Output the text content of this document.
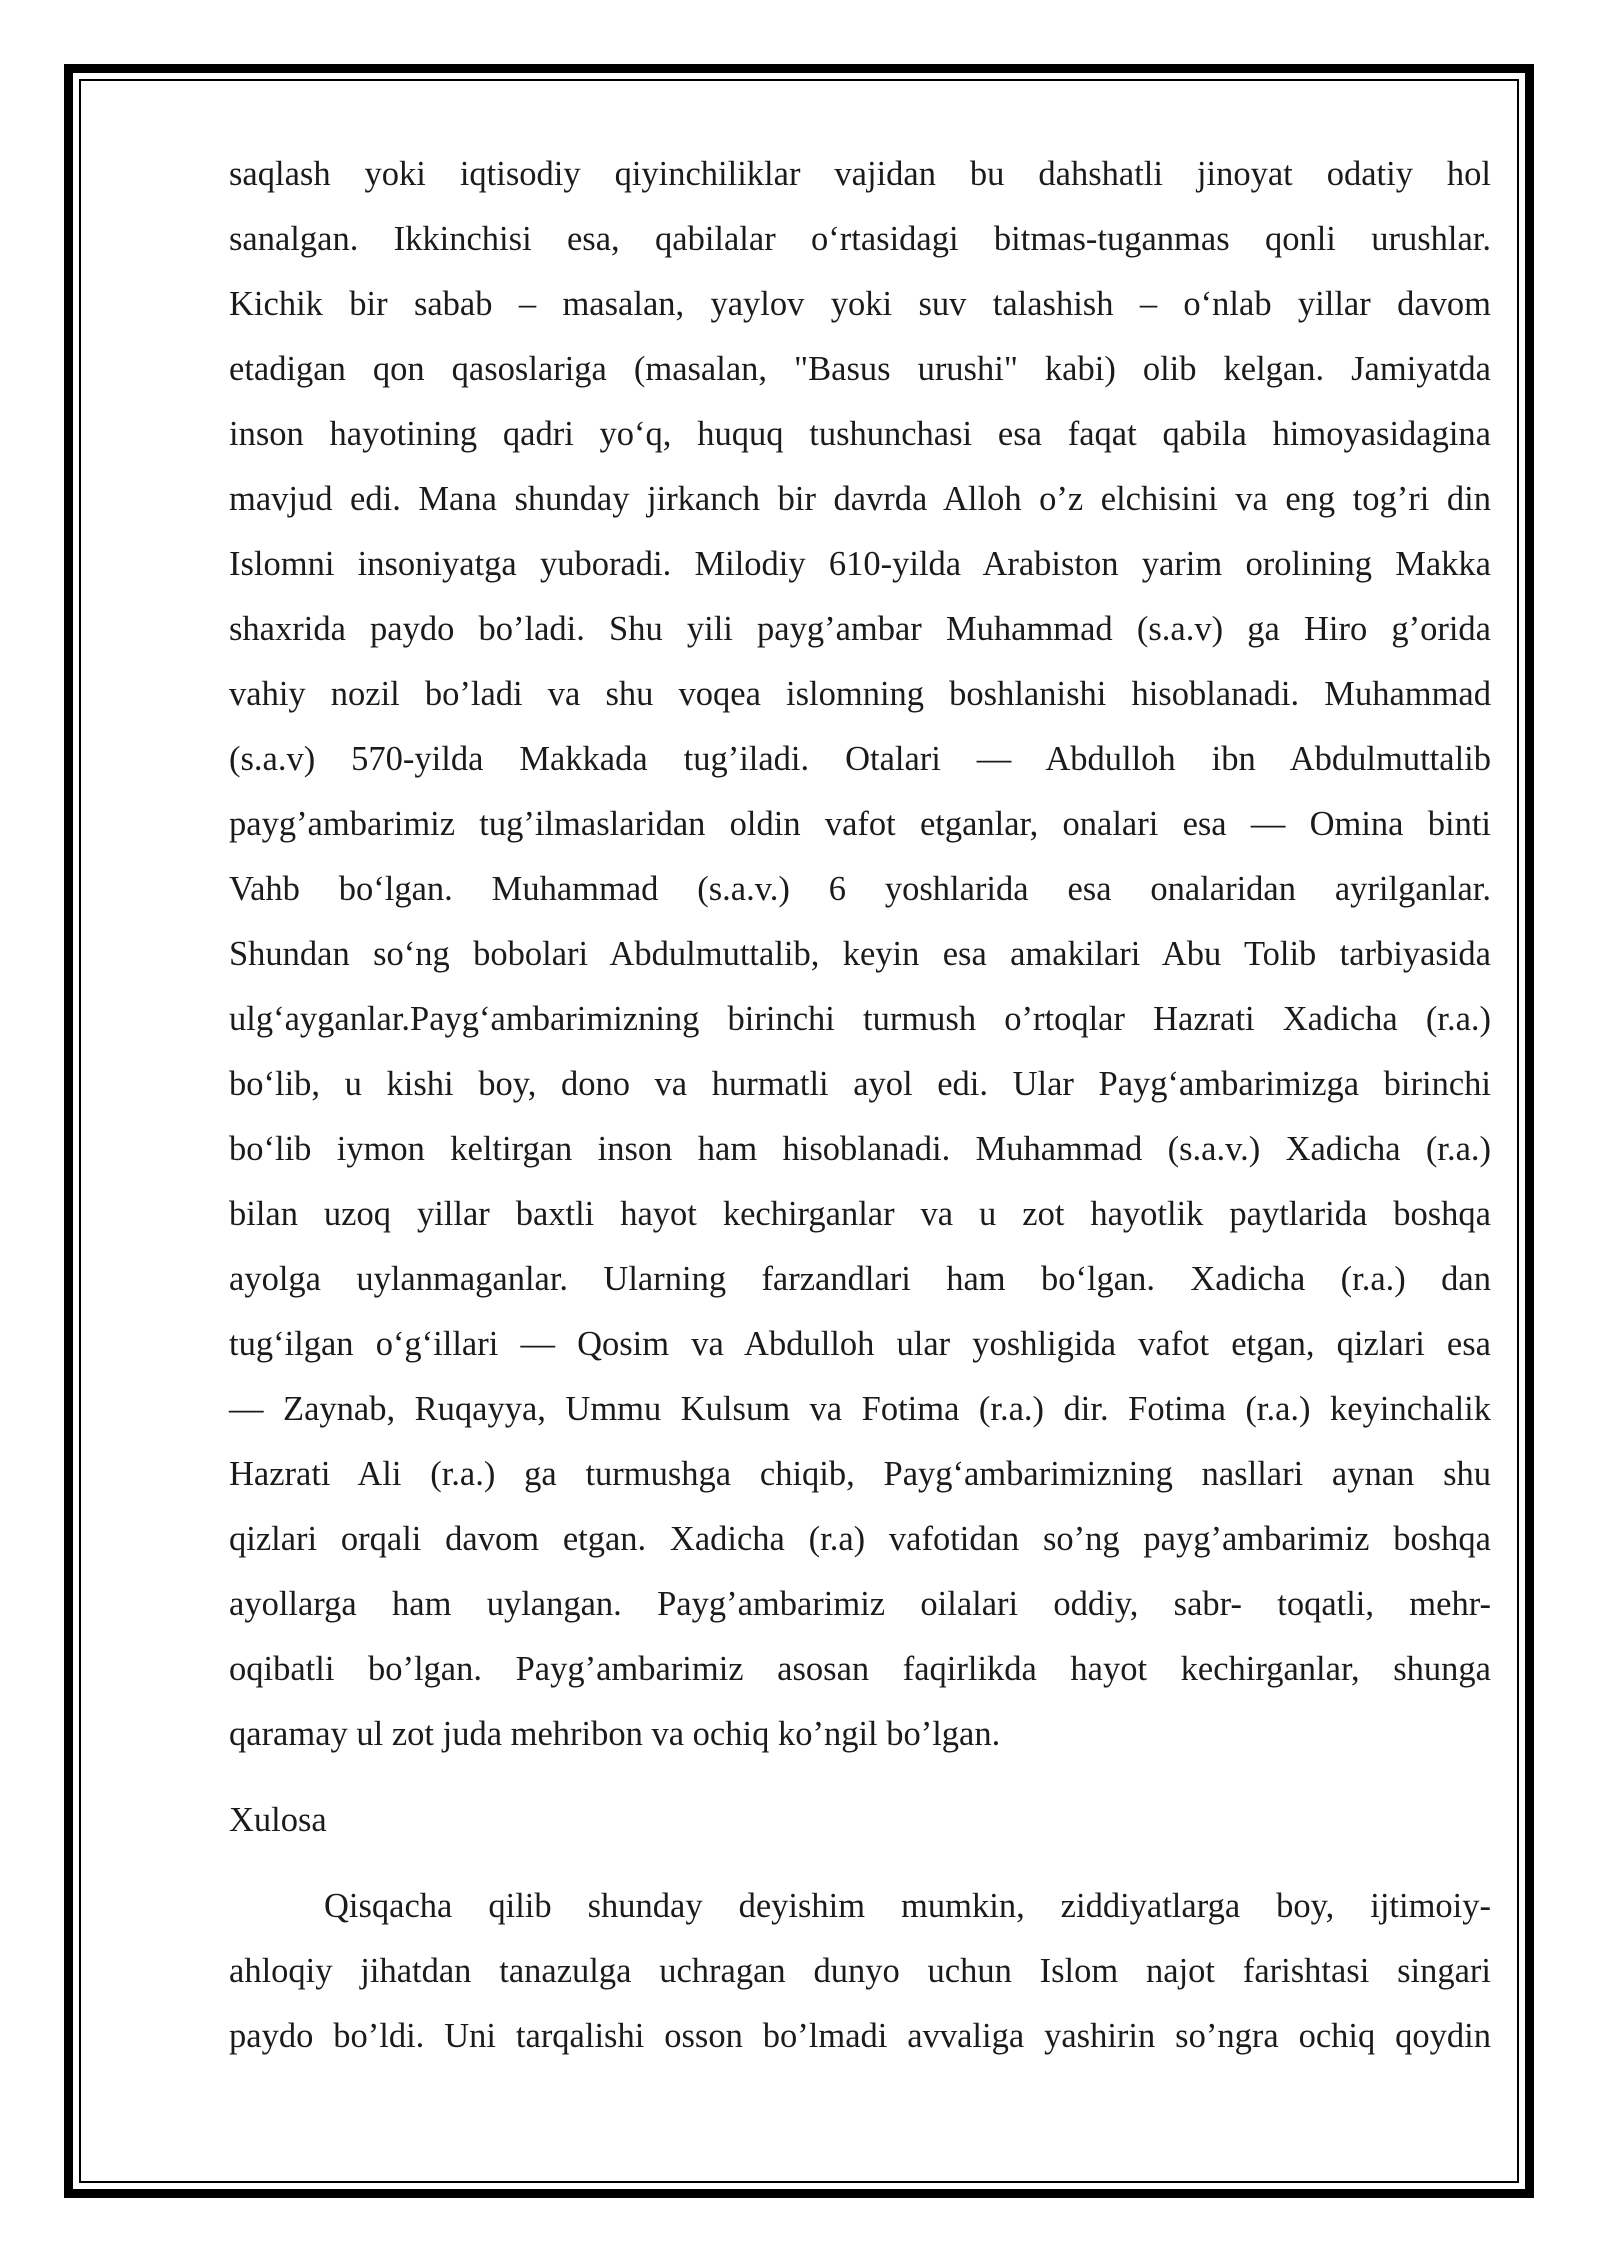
saqlash yoki iqtisodiy qiyinchiliklar vajidan bu dahshatli jinoyat odatiy hol
sanalgan. Ikkinchisi esa, qabilalar o‘rtasidagi bitmas-tuganmas qonli urushlar.
Kichik bir sabab – masalan, yaylov yoki suv talashish – o‘nlab yillar davom
etadigan qon qasoslariga (masalan, "Basus urushi" kabi) olib kelgan. Jamiyatda
inson hayotining qadri yo‘q, huquq tushunchasi esa faqat qabila himoyasidagina
mavjud edi. Mana shunday jirkanch bir davrda Alloh o’z elchisini va eng tog’ri din
Islomni insoniyatga yuboradi. Milodiy 610-yilda Arabiston yarim orolining Makka
shaxrida paydo bo’ladi. Shu yili payg’ambar Muhammad (s.a.v) ga Hiro g’orida
vahiy nozil bo’ladi va shu voqea islomning boshlanishi hisoblanadi. Muhammad
(s.a.v) 570-yilda Makkada tug’iladi. Otalari — Abdulloh ibn Abdulmuttalib
payg’ambarimiz tug’ilmaslaridan oldin vafot etganlar, onalari esa — Omina binti
Vahb bo‘lgan. Muhammad (s.a.v.) 6 yoshlarida esa onalaridan ayrilganlar.
Shundan so‘ng bobolari Abdulmuttalib, keyin esa amakilari Abu Tolib tarbiyasida
ulg‘ayganlar.Payg‘ambarimizning birinchi turmush o’rtoqlar Hazrati Xadicha (r.a.)
bo‘lib, u kishi boy, dono va hurmatli ayol edi. Ular Payg‘ambarimizga birinchi
bo‘lib iymon keltirgan inson ham hisoblanadi. Muhammad (s.a.v.) Xadicha (r.a.)
bilan uzoq yillar baxtli hayot kechirganlar va u zot hayotlik paytlarida boshqa
ayolga uylanmaganlar. Ularning farzandlari ham bo‘lgan. Xadicha (r.a.) dan
tug‘ilgan o‘g‘illari — Qosim va Abdulloh ular yoshligida vafot etgan, qizlari esa
— Zaynab, Ruqayya, Ummu Kulsum va Fotima (r.a.) dir. Fotima (r.a.) keyinchalik
Hazrati Ali (r.a.) ga turmushga chiqib, Payg‘ambarimizning nasllari aynan shu
qizlari orqali davom etgan. Xadicha (r.a) vafotidan so’ng payg’ambarimiz boshqa
ayollarga ham uylangan. Payg’ambarimiz oilalari oddiy, sabr- toqatli, mehr-
oqibatli bo’lgan. Payg’ambarimiz asosan faqirlikda hayot kechirganlar, shunga
qaramay ul zot juda mehribon va ochiq ko’ngil bo’lgan.
Xulosa
Qisqacha qilib shunday deyishim mumkin, ziddiyatlarga boy, ijtimoiy-
ahloqiy jihatdan tanazulga uchragan dunyo uchun Islom najot farishtasi singari
paydo bo’ldi. Uni tarqalishi osson bo’lmadi avvaliga yashirin so’ngra ochiq qoydin
